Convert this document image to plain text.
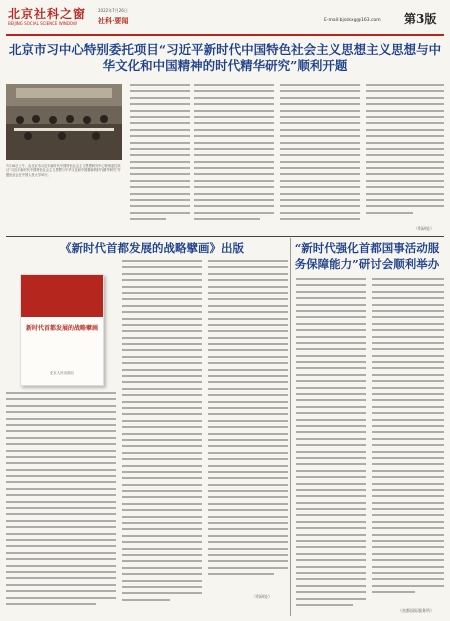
北京社科之窗
BEIJING SOCIAL SCIENCE WINDOW
2022年7月26日
社科·要闻	E-mail:bjsskxg@163.com 第3版
北京市习中心特别委托项目“习近平新时代中国特色社会主义思想主义思想与中华文化和中国精神的时代精华研究”顺利开题
7月16日上午，由北京市习近平新时代中国特色社会主义思想研究中心特别委托项目“习近平新时代中国特色社会主义思想与中华文化和中国精神的时代精华研究”开题论证会在中国人民大学举行。
（科研处）
《新时代首都发展的战略擘画》出版
新时代首都发展的战略擘画
北京人民出版社
（科研处）
“新时代强化首都国事活动服务保障能力”研讨会顺利举办
（首都国际服务所）
